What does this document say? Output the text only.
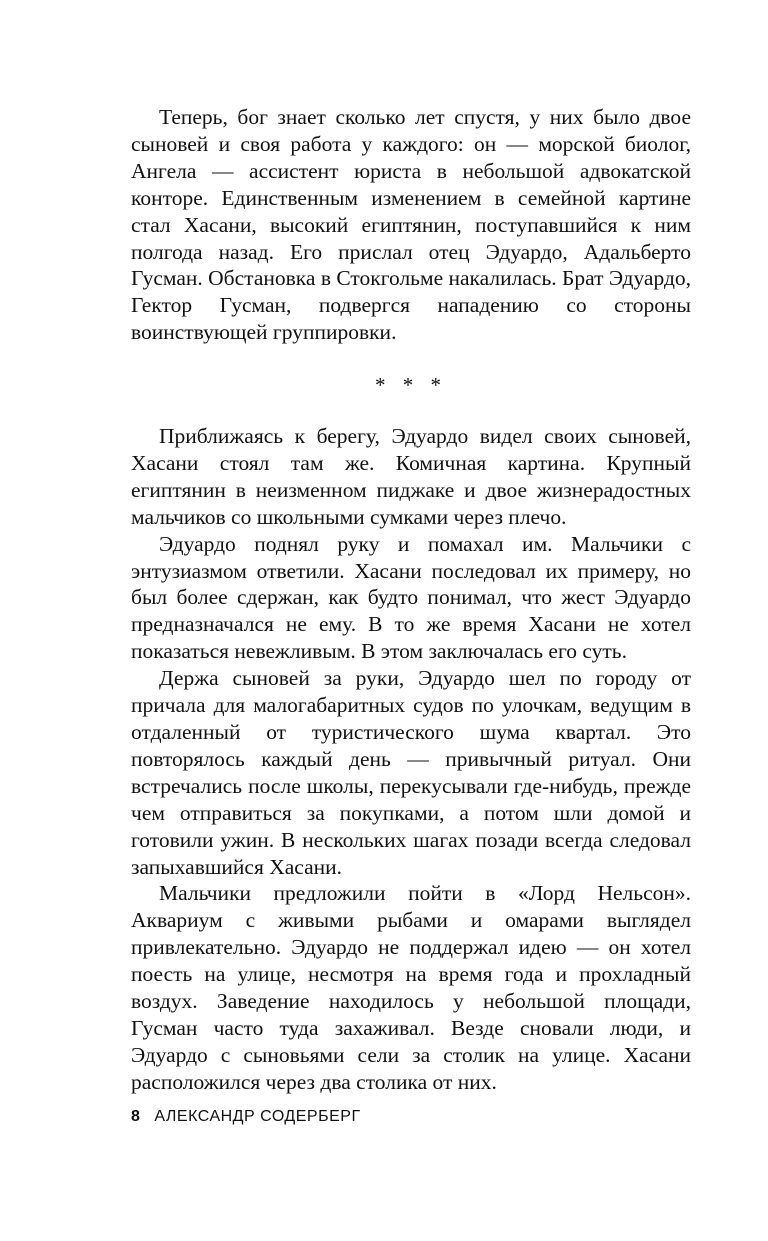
Теперь, бог знает сколько лет спустя, у них было двое сыновей и своя работа у каждого: он — морской биолог, Ангела — ассистент юриста в небольшой адвокатской конторе. Единственным изменением в семейной картине стал Хасани, высокий египтянин, поступавшийся к ним полгода назад. Его прислал отец Эдуардо, Адальберто Гусман. Обстановка в Стокгольме накалилась. Брат Эдуардо, Гектор Гусман, подвергся нападению со стороны воинствующей группировки.

* * *

Приближаясь к берегу, Эдуардо видел своих сыновей, Хасани стоял там же. Комичная картина. Крупный египтянин в неизменном пиджаке и двое жизнерадостных мальчиков со школьными сумками через плечо.

Эдуардо поднял руку и помахал им. Мальчики с энтузиазмом ответили. Хасани последовал их примеру, но был более сдержан, как будто понимал, что жест Эдуардо предназначался не ему. В то же время Хасани не хотел показаться невежливым. В этом заключалась его суть.

Держа сыновей за руки, Эдуардо шел по городу от причала для малогабаритных судов по улочкам, ведущим в отдаленный от туристического шума квартал. Это повторялось каждый день — привычный ритуал. Они встречались после школы, перекусывали где-нибудь, прежде чем отправиться за покупками, а потом шли домой и готовили ужин. В нескольких шагах позади всегда следовал запыхавшийся Хасани.

Мальчики предложили пойти в «Лорд Нельсон». Аквариум с живыми рыбами и омарами выглядел привлекательно. Эдуардо не поддержал идею — он хотел поесть на улице, несмотря на время года и прохладный воздух. Заведение находилось у небольшой площади, Гусман часто туда захаживал. Везде сновали люди, и Эдуардо с сыновьями сели за столик на улице. Хасани расположился через два столика от них.

8 АЛЕКСАНДР СОДЕРБЕРГ
